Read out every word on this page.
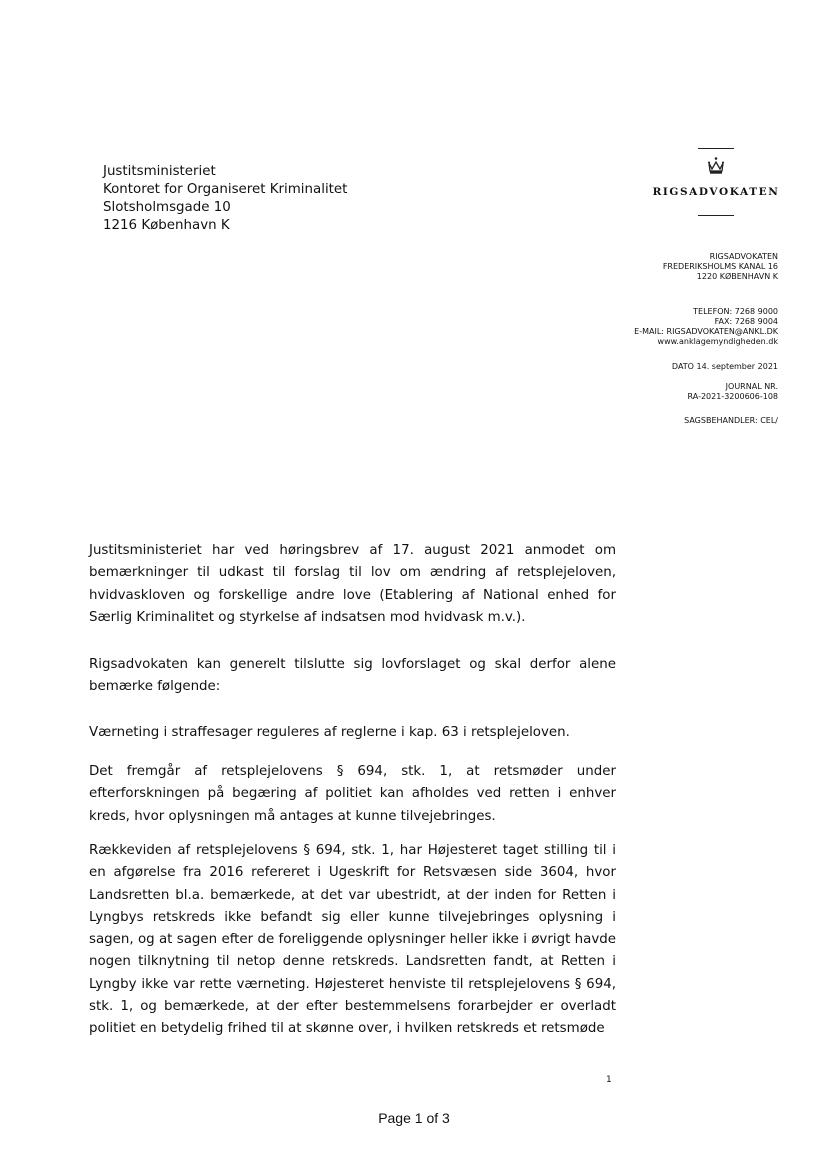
Justitsministeriet
Kontoret for Organiseret Kriminalitet
Slotsholmsgade 10
1216 København K
RIGSADVOKATEN
RIGSADVOKATEN
FREDERIKSHOLMS KANAL 16
1220 KØBENHAVN K
TELEFON: 7268 9000
FAX: 7268 9004
E-MAIL: RIGSADVOKATEN@ANKL.DK
www.anklagemyndigheden.dk
DATO 14. september 2021
JOURNAL NR.
RA-2021-3200606-108
SAGSBEHANDLER: CEL/

Justitsministeriet har ved høringsbrev af 17. august 2021 anmodet om bemærkninger til udkast til forslag til lov om ændring af retsplejeloven, hvidvaskloven og forskellige andre love (Etablering af National enhed for Særlig Kriminalitet og styrkelse af indsatsen mod hvidvask m.v.).

Rigsadvokaten kan generelt tilslutte sig lovforslaget og skal derfor alene bemærke følgende:

Værneting i straffesager reguleres af reglerne i kap. 63 i retsplejeloven.

Det fremgår af retsplejelovens § 694, stk. 1, at retsmøder under efterforskningen på begæring af politiet kan afholdes ved retten i enhver kreds, hvor oplysningen må antages at kunne tilvejebringes.

Rækkeviden af retsplejelovens § 694, stk. 1, har Højesteret taget stilling til i en afgørelse fra 2016 refereret i Ugeskrift for Retsvæsen side 3604, hvor Landsretten bl.a. bemærkede, at det var ubestridt, at der inden for Retten i Lyngbys retskreds ikke befandt sig eller kunne tilvejebringes oplysning i sagen, og at sagen efter de foreliggende oplysninger heller ikke i øvrigt havde nogen tilknytning til netop denne retskreds. Landsretten fandt, at Retten i Lyngby ikke var rette værneting. Højesteret henviste til retsplejelovens § 694, stk. 1, og bemærkede, at der efter bestemmelsens forarbejder er overladt politiet en betydelig frihed til at skønne over, i hvilken retskreds et retsmøde

1
Page 1 of 3
